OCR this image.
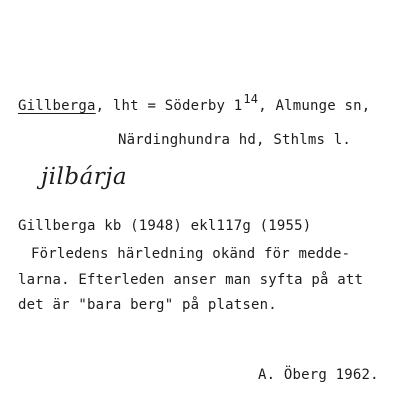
Gillberga, lht = Söderby 114, Almunge sn,
Närdinghundra hd, Sthlms l.
jilbárja
Gillberga kb (1948) ekl117g (1955)
Förledens härledning okänd för medde-
larna. Efterleden anser man syfta på att
det är "bara berg" på platsen.
A. Öberg 1962.
